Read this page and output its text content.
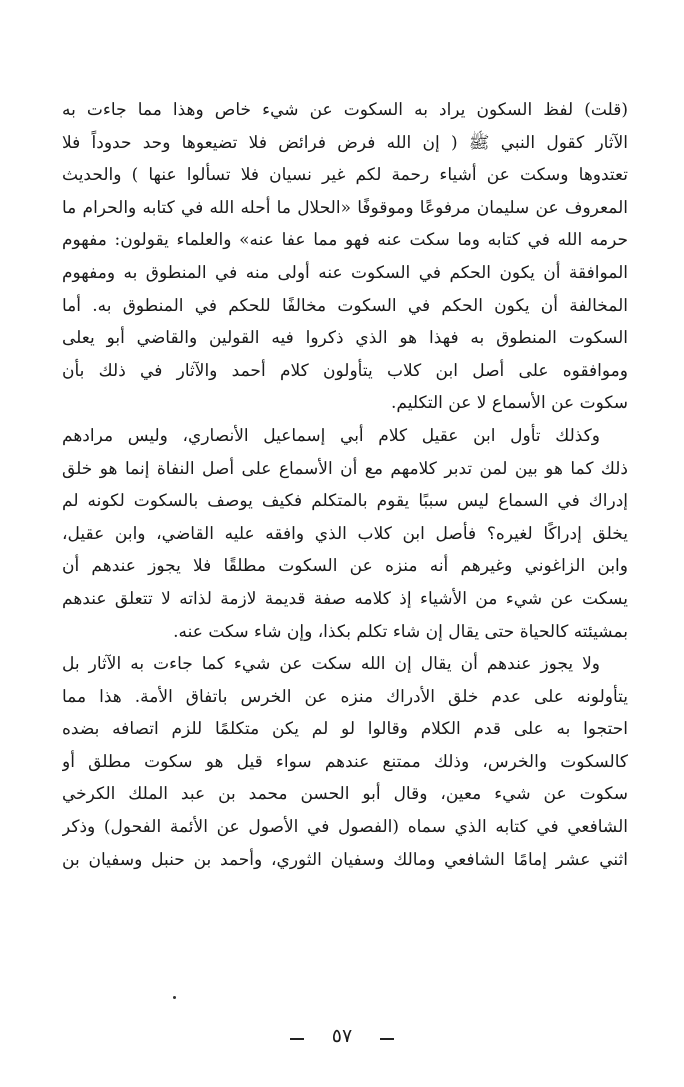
(قلت) لفظ السكون يراد به السكوت عن شيء خاص وهذا مما جاءت به
الآثار كقول النبي ﷺ ( إن الله فرض فرائض فلا تضيعوها وحد حدوداً فلا
تعتدوها وسكت عن أشياء رحمة لكم غير نسيان فلا تسألوا عنها ) والحديث
المعروف عن سليمان مرفوعًا وموقوفًا «الحلال ما أحله الله في كتابه والحرام ما
حرمه الله في كتابه وما سكت عنه فهو مما عفا عنه» والعلماء يقولون: مفهوم
الموافقة أن يكون الحكم في السكوت عنه أولى منه في المنطوق به ومفهوم
المخالفة أن يكون الحكم في السكوت مخالفًا للحكم في المنطوق به. أما
السكوت المنطوق به فهذا هو الذي ذكروا فيه القولين والقاضي أبو يعلى
وموافقوه على أصل ابن كلاب يتأولون كلام أحمد والآثار في ذلك بأن
سكوت عن الأسماع لا عن التكليم.
وكذلك تأول ابن عقيل كلام أبي إسماعيل الأنصاري، وليس مرادهم
ذلك كما هو بين لمن تدبر كلامهم مع أن الأسماع على أصل النفاة إنما هو خلق
إدراك في السماع ليس سببًا يقوم بالمتكلم فكيف يوصف بالسكوت لكونه لم
يخلق إدراكًا لغيره؟ فأصل ابن كلاب الذي وافقه عليه القاضي، وابن عقيل،
وابن الزاغوني وغيرهم أنه منزه عن السكوت مطلقًا فلا يجوز عندهم أن
يسكت عن شيء من الأشياء إذ كلامه صفة قديمة لازمة لذاته لا تتعلق عندهم
بمشيئته كالحياة حتى يقال إن شاء تكلم بكذا، وإن شاء سكت عنه.
ولا يجوز عندهم أن يقال إن الله سكت عن شيء كما جاءت به الآثار بل
يتأولونه على عدم خلق الأدراك منزه عن الخرس باتفاق الأمة. هذا مما
احتجوا به على قدم الكلام وقالوا لو لم يكن متكلمًا للزم اتصافه بضده
كالسكوت والخرس، وذلك ممتنع عندهم سواء قيل هو سكوت مطلق أو
سكوت عن شيء معين، وقال أبو الحسن محمد بن عبد الملك الكرخي
الشافعي في كتابه الذي سماه (الفصول في الأصول عن الأئمة الفحول) وذكر
اثني عشر إمامًا الشافعي ومالك وسفيان الثوري، وأحمد بن حنبل وسفيان بن
٥٧
